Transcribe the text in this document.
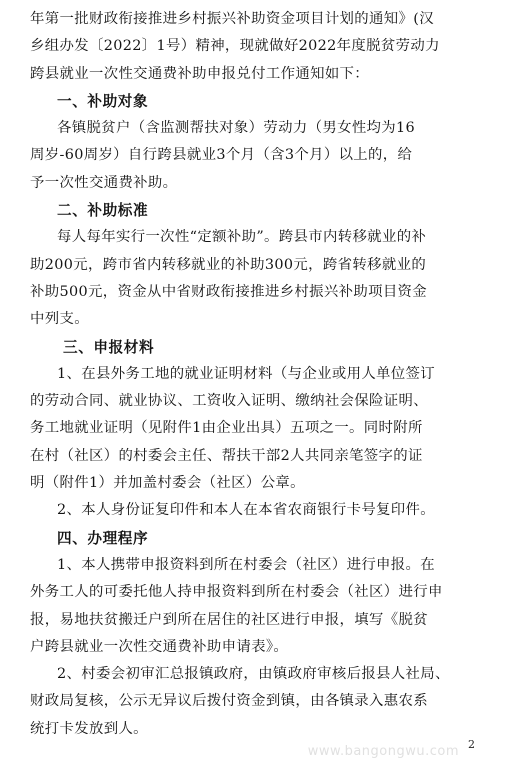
年第一批财政衔接推进乡村振兴补助资金项目计划的通知》(汉
乡组办发〔2022〕1号）精神，现就做好2022年度脱贫劳动力
跨县就业一次性交通费补助申报兑付工作通知如下：
一、补助对象
各镇脱贫户（含监测帮扶对象）劳动力（男女性均为16
周岁-60周岁）自行跨县就业3个月（含3个月）以上的，给
予一次性交通费补助。
二、补助标准
每人每年实行一次性“定额补助”。跨县市内转移就业的补
助200元，跨市省内转移就业的补助300元，跨省转移就业的
补助500元，资金从中省财政衔接推进乡村振兴补助项目资金
中列支。
三、申报材料
1、在县外务工地的就业证明材料（与企业或用人单位签订
的劳动合同、就业协议、工资收入证明、缴纳社会保险证明、
务工地就业证明（见附件1由企业出具）五项之一。同时附所
在村（社区）的村委会主任、帮扶干部2人共同亲笔签字的证
明（附件1）并加盖村委会（社区）公章。
2、本人身份证复印件和本人在本省农商银行卡号复印件。
四、办理程序
1、本人携带申报资料到所在村委会（社区）进行申报。在
外务工人的可委托他人持申报资料到所在村委会（社区）进行申
报，易地扶贫搬迁户到所在居住的社区进行申报，填写《脱贫
户跨县就业一次性交通费补助申请表》。
2、村委会初审汇总报镇政府，由镇政府审核后报县人社局、
财政局复核，公示无异议后拨付资金到镇，由各镇录入惠农系
统打卡发放到人。
www.bangongwu.com 2
